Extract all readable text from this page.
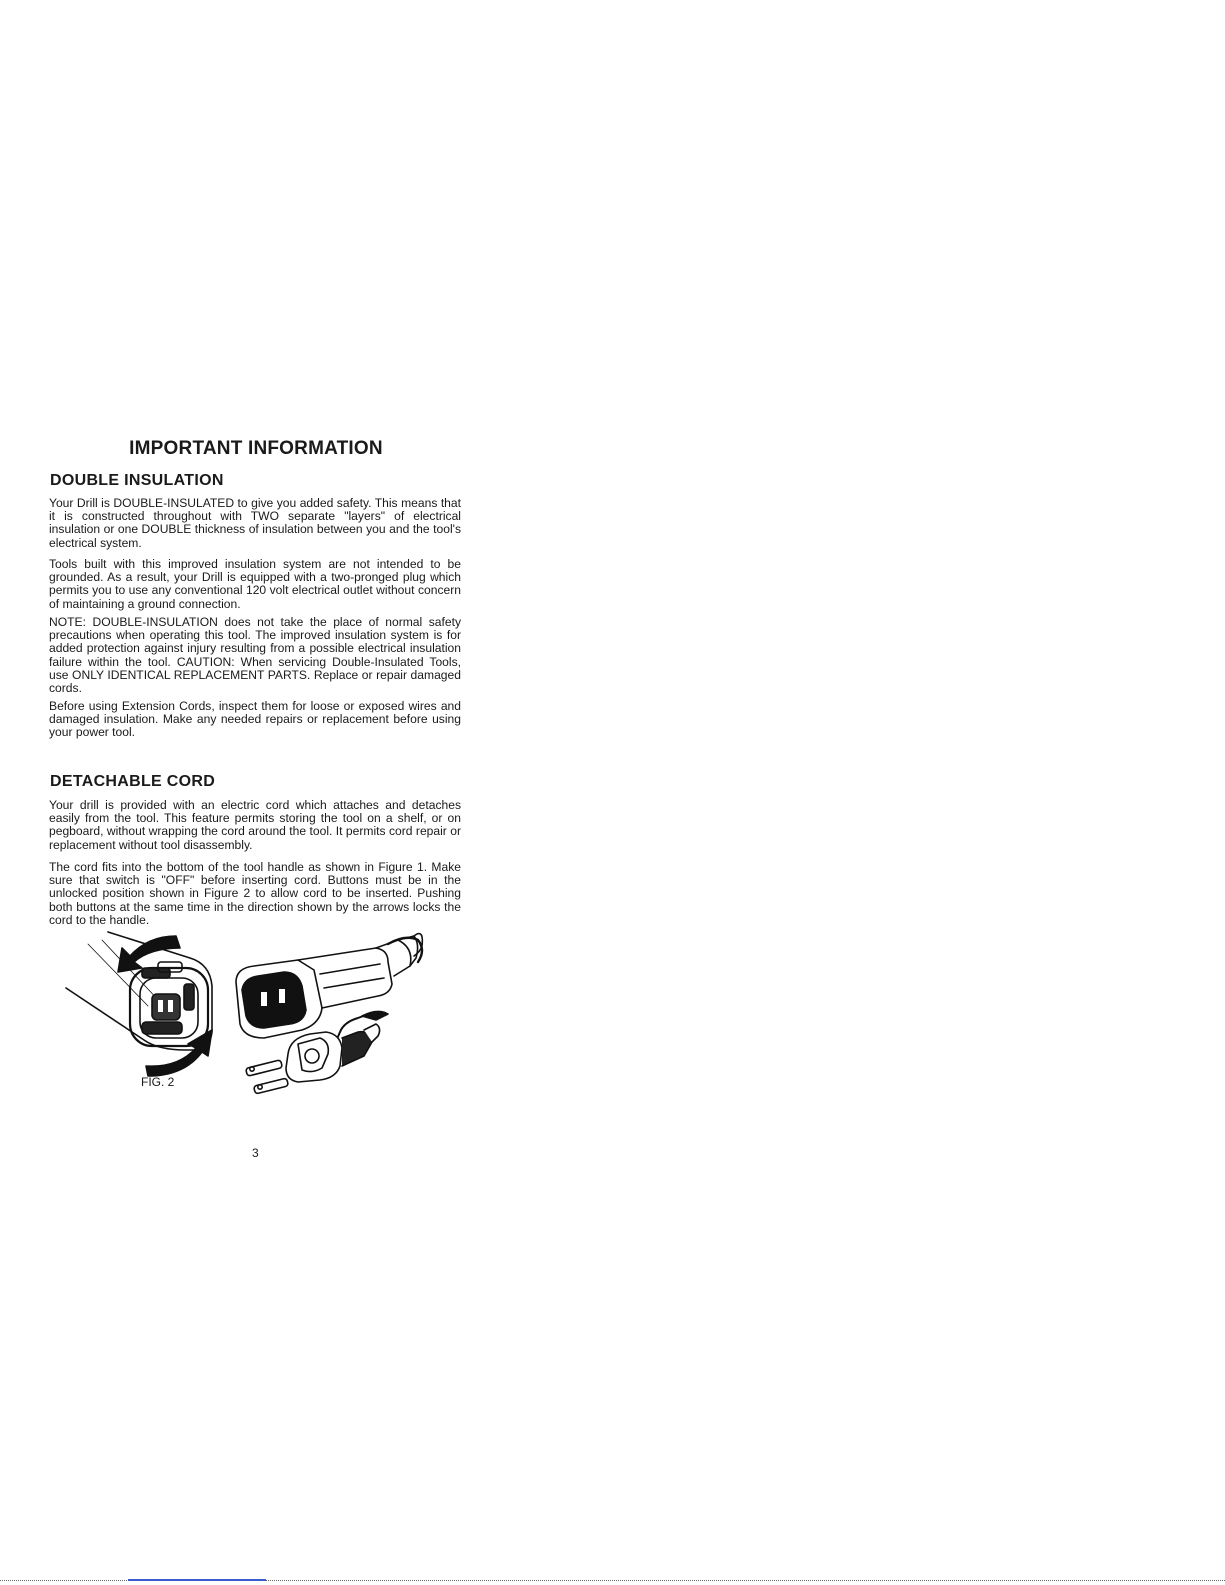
IMPORTANT INFORMATION
DOUBLE INSULATION

Your Drill is DOUBLE-INSULATED to give you added safety. This means that it is constructed throughout with TWO separate "layers" of electrical insulation or one DOUBLE thickness of insulation between you and the tool's electrical system.

Tools built with this improved insulation system are not intended to be grounded. As a result, your Drill is equipped with a two-pronged plug which permits you to use any conventional 120 volt electrical outlet without concern of maintaining a ground connection.

NOTE: DOUBLE-INSULATION does not take the place of normal safety precautions when operating this tool. The improved insulation system is for added protection against injury resulting from a possible electrical insulation failure within the tool. CAUTION: When servicing Double-Insulated Tools, use ONLY IDENTICAL REPLACEMENT PARTS. Replace or repair damaged cords.

Before using Extension Cords, inspect them for loose or exposed wires and damaged insulation. Make any needed repairs or replacement before using your power tool.

DETACHABLE CORD

Your drill is provided with an electric cord which attaches and detaches easily from the tool. This feature permits storing the tool on a shelf, or on pegboard, without wrapping the cord around the tool. It permits cord repair or replacement without tool disassembly.

The cord fits into the bottom of the tool handle as shown in Figure 1. Make sure that switch is "OFF" before inserting cord. Buttons must be in the unlocked position shown in Figure 2 to allow cord to be inserted. Pushing both buttons at the same time in the direction shown by the arrows locks the cord to the handle.

FIG. 2
3
